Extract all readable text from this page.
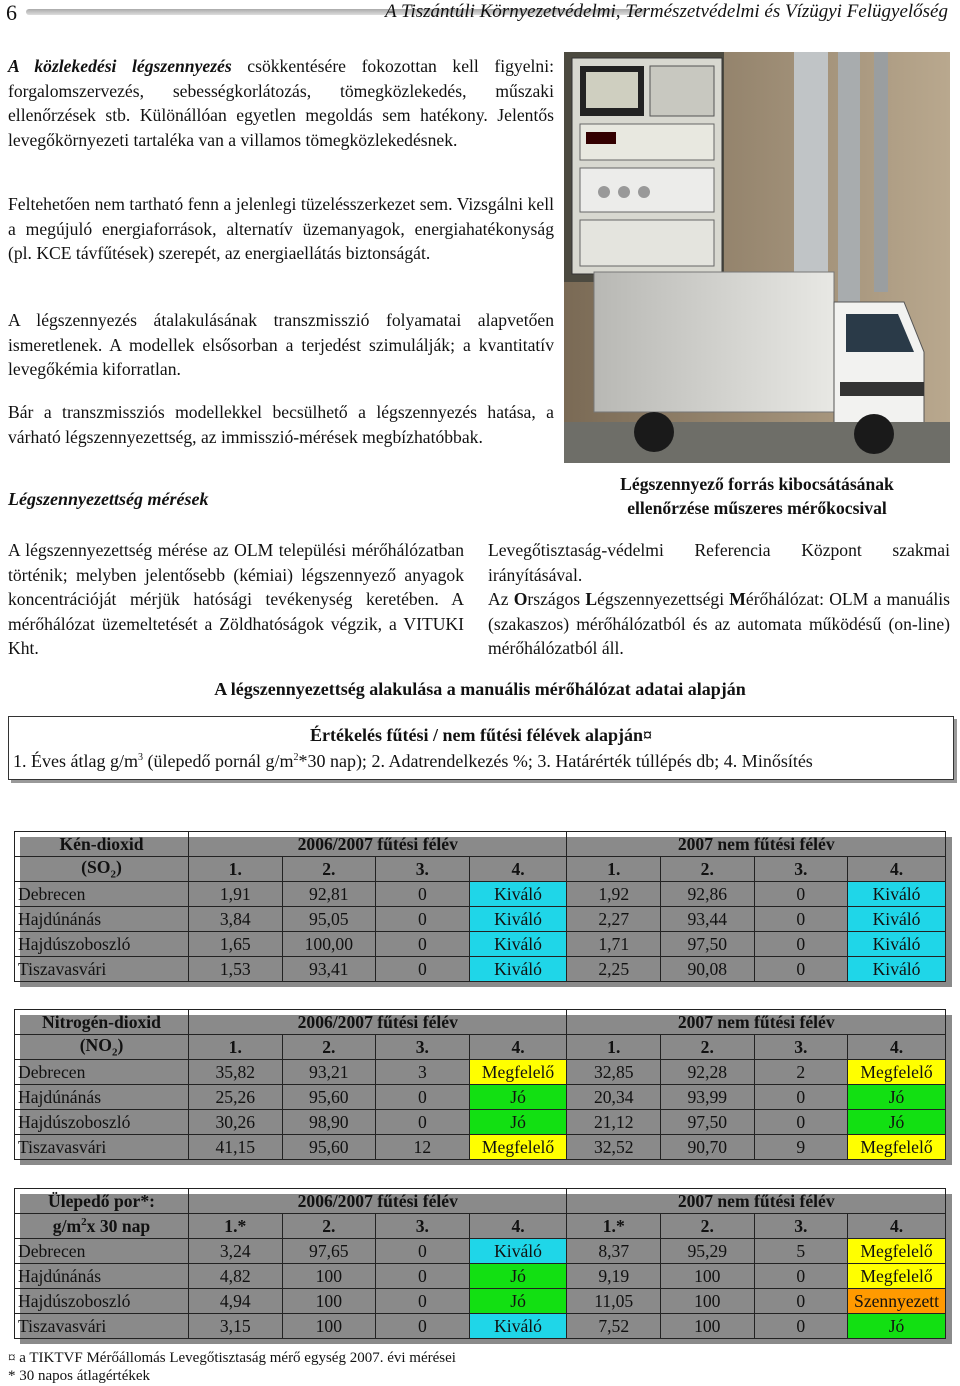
6	A Tiszántúli Környezetvédelmi, Természetvédelmi és Vízügyi Felügyelőség
A közlekedési légszennyezés csökkentésére fokozottan kell figyelni: forgalomszervezés, sebességkorlátozás, tömegközlekedés, műszaki ellenőrzések stb. Különállóan egyetlen megoldás sem hatékony. Jelentős levegőkörnyezeti tartaléka van a villamos tömegközlekedésnek.
Feltehetően nem tartható fenn a jelenlegi tüzelésszerkezet sem. Vizsgálni kell a megújuló energiaforrások, alternatív üzemanyagok, energiahatékonyság (pl. KCE távfűtések) szerepét, az energiaellátás biztonságát.
A légszennyezés átalakulásának transzmisszió folyamatai alapvetően ismeretlenek. A modellek elsősorban a terjedést szimulálják; a kvantitatív levegőkémia kiforratlan.
Bár a transzmissziós modellekkel becsülhető a légszennyezés hatása, a várható légszennyezettség, az immisszió-mérések megbízhatóbbak.
Légszennyezettség mérések
A légszennyezettség mérése az OLM települési mérőhálózatban történik; melyben jelentősebb (kémiai) légszennyező anyagok koncentrációját mérjük hatósági tevékenység keretében. A mérőhálózat üzemeltetését a Zöldhatóságok végzik, a VITUKI Kht.
Levegőtisztaság-védelmi Referencia Központ szakmai irányításával.
Az Országos Légszennyezettségi Mérőhálózat: OLM a manuális (szakaszos) mérőhálózatból és az automata működésű (on-line) mérőhálózatból áll.
Légszennyező forrás kibocsátásának
ellenőrzése műszeres mérőkocsival
A légszennyezettség alakulása a manuális mérőhálózat adatai alapján
Értékelés fűtési / nem fűtési félévek alapján¤
1. Éves átlag $g/m^3$ (ülepedő pornál $g/m^2*30$ nap); 2. Adatrendelkezés %; 3. Határérték túllépés db; 4. Minősítés
Kén-dioxid	2006/2007 fűtési félév				2007 nem fűtési félév			
$(SO_2)$	1.	2.	3.	4.	1.	2.	3.	4.
Debrecen	1,91	92,81	0	Kiváló	1,92	92,86	0	Kiváló
Hajdúnánás	3,84	95,05	0	Kiváló	2,27	93,44	0	Kiváló
Hajdúszoboszló	1,65	100,00	0	Kiváló	1,71	97,50	0	Kiváló
Tiszavasvári	1,53	93,41	0	Kiváló	2,25	90,08	0	Kiváló
Nitrogén-dioxid	2006/2007 fűtési félév				2007 nem fűtési félév			
$(NO_2)$	1.	2.	3.	4.	1.	2.	3.	4.
Debrecen	35,82	93,21	3	Megfelelő	32,85	92,28	2	Megfelelő
Hajdúnánás	25,26	95,60	0	Jó	20,34	93,99	0	Jó
Hajdúszoboszló	30,26	98,90	0	Jó	21,12	97,50	0	Jó
Tiszavasvári	41,15	95,60	12	Megfelelő	32,52	90,70	9	Megfelelő
Ülepedő por*:	2006/2007 fűtési félév				2007 nem fűtési félév			
$g/m^2x$ 30 nap	1.*	2.	3.	4.	1.*	2.	3.	4.
Debrecen	3,24	97,65	0	Kiváló	8,37	95,29	5	Megfelelő
Hajdúnánás	4,82	100	0	Jó	9,19	100	0	Megfelelő
Hajdúszoboszló	4,94	100	0	Jó	11,05	100	0	Szennyezett
Tiszavasvári	3,15	100	0	Kiváló	7,52	100	0	Jó
¤ a TIKTVF Mérőállomás Levegőtisztaság mérő egység 2007. évi mérései
* 30 napos átlagértékek
